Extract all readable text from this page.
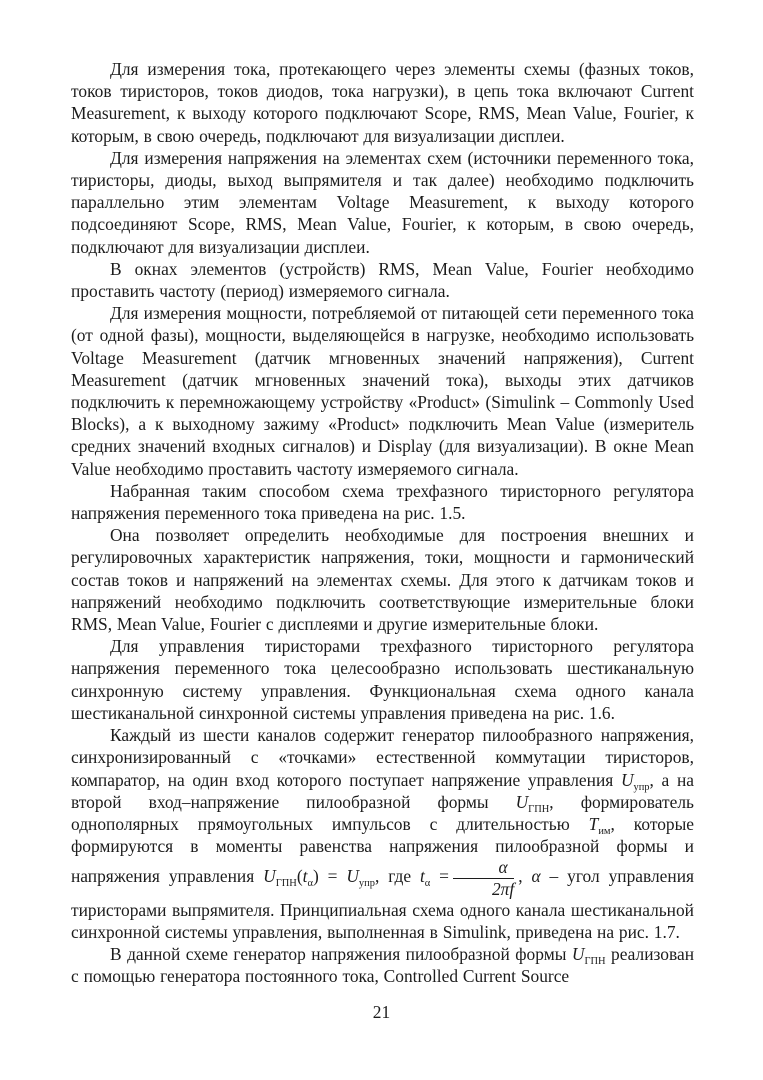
Для измерения тока, протекающего через элементы схемы (фазных токов, токов тиристоров, токов диодов, тока нагрузки), в цепь тока включают Current Measurement, к выходу которого подключают Scope, RMS, Mean Value, Fourier, к которым, в свою очередь, подключают для визуализации дисплеи.

Для измерения напряжения на элементах схем (источники переменного тока, тиристоры, диоды, выход выпрямителя и так далее) необходимо подключить параллельно этим элементам Voltage Measurement, к выходу которого подсоединяют Scope, RMS, Mean Value, Fourier, к которым, в свою очередь, подключают для визуализации дисплеи.

В окнах элементов (устройств) RMS, Mean Value, Fourier необходимо проставить частоту (период) измеряемого сигнала.

Для измерения мощности, потребляемой от питающей сети переменного тока (от одной фазы), мощности, выделяющейся в нагрузке, необходимо использовать Voltage Measurement (датчик мгновенных значений напряжения), Current Measurement (датчик мгновенных значений тока), выходы этих датчиков подключить к перемножающему устройству «Product» (Simulink – Commonly Used Blocks), а к выходному зажиму «Product» подключить Mean Value (измеритель средних значений входных сигналов) и Display (для визуализации). В окне Mean Value необходимо проставить частоту измеряемого сигнала.

Набранная таким способом схема трехфазного тиристорного регулятора напряжения переменного тока приведена на рис. 1.5.

Она позволяет определить необходимые для построения внешних и регулировочных характеристик напряжения, токи, мощности и гармонический состав токов и напряжений на элементах схемы. Для этого к датчикам токов и напряжений необходимо подключить соответствующие измерительные блоки RMS, Mean Value, Fourier с дисплеями и другие измерительные блоки.

Для управления тиристорами трехфазного тиристорного регулятора напряжения переменного тока целесообразно использовать шестиканальную синхронную систему управления. Функциональная схема одного канала шестиканальной синхронной системы управления приведена на рис. 1.6.

Каждый из шести каналов содержит генератор пилообразного напряжения, синхронизированный с «точками» естественной коммутации тиристоров, компаратор, на один вход которого поступает напряжение управления $U_{упр}$, а на второй вход–напряжение пилообразной формы $U_{ГПН}$, формирователь однополярных прямоугольных импульсов с длительностью $T_{им}$, которые формируются в моменты равенства напряжения пилообразной формы и напряжения управления $U_{ГПН}(t_\alpha) = U_{упр}$, где $t_\alpha = \frac{\alpha}{2\pi f}$ , α – угол управления тиристорами выпрямителя. Принципиальная схема одного канала шестиканальной синхронной системы управления, выполненная в Simulink, приведена на рис. 1.7.

В данной схеме генератор напряжения пилообразной формы $U_{ГПН}$ реализован с помощью генератора постоянного тока, Controlled Current Source

21
